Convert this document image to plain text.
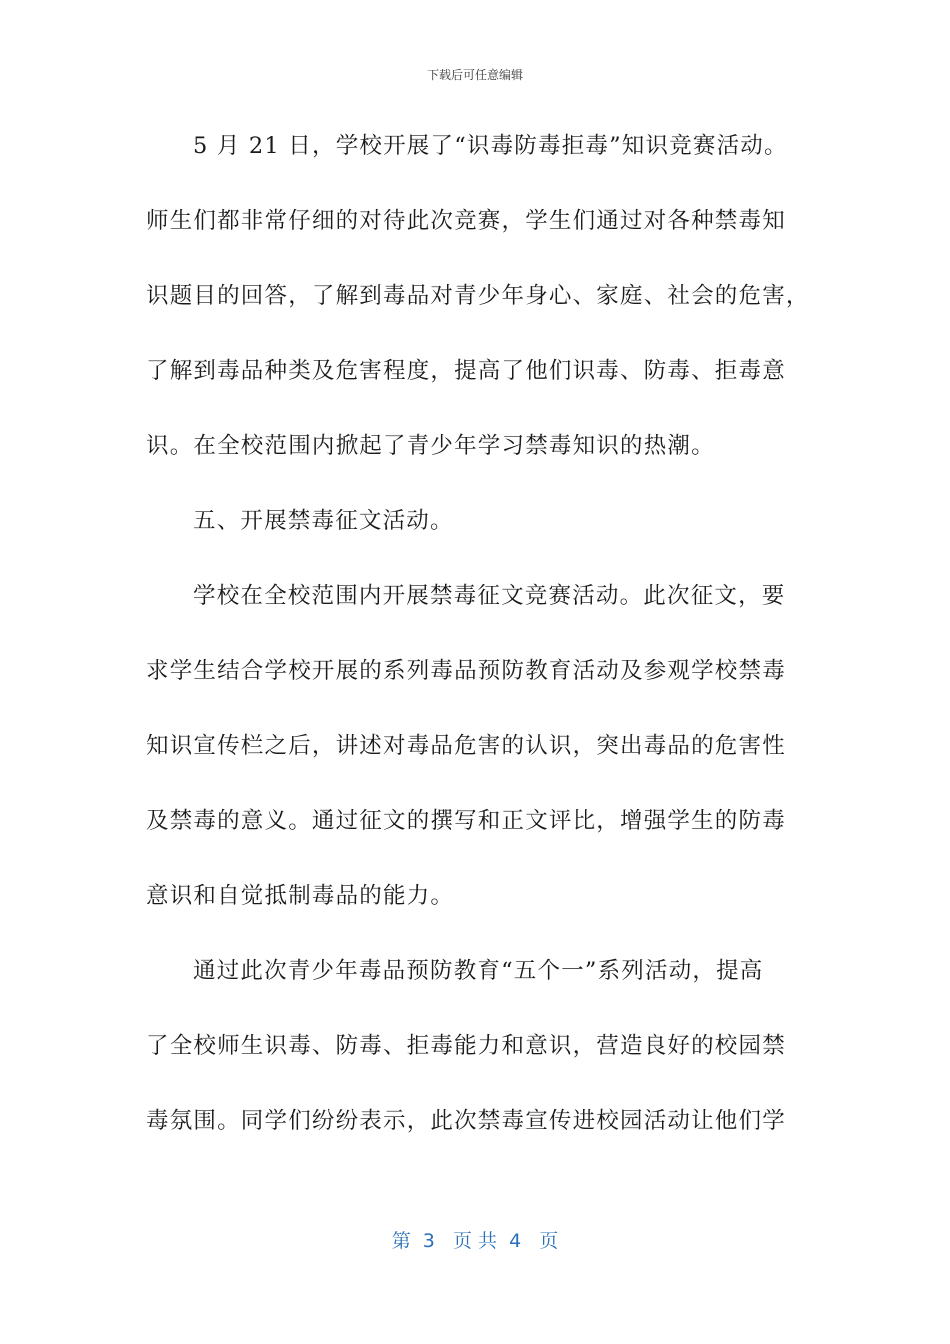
下载后可任意编辑
5 月 21 日，学校开展了“识毒防毒拒毒”知识竞赛活动。
师生们都非常仔细的对待此次竞赛，学生们通过对各种禁毒知
识题目的回答，了解到毒品对青少年身心、家庭、社会的危害，
了解到毒品种类及危害程度，提高了他们识毒、防毒、拒毒意
识。在全校范围内掀起了青少年学习禁毒知识的热潮。
五、开展禁毒征文活动。
学校在全校范围内开展禁毒征文竞赛活动。此次征文，要
求学生结合学校开展的系列毒品预防教育活动及参观学校禁毒
知识宣传栏之后，讲述对毒品危害的认识，突出毒品的危害性
及禁毒的意义。通过征文的撰写和正文评比，增强学生的防毒
意识和自觉抵制毒品的能力。
通过此次青少年毒品预防教育“五个一”系列活动，提高
了全校师生识毒、防毒、拒毒能力和意识，营造良好的校园禁
毒氛围。同学们纷纷表示，此次禁毒宣传进校园活动让他们学
第  3   页 共  4   页
